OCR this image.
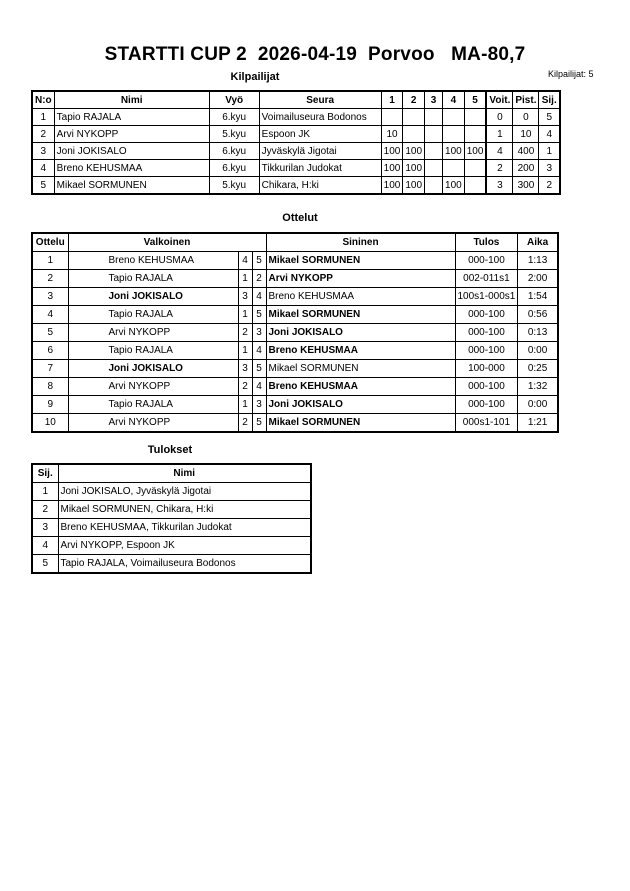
STARTTI CUP 2  2026-04-19  Porvoo   MA-80,7
Kilpailijat: 5
Kilpailijat
N:o	Nimi	Vyö	Seura	1	2	3	4	5	Voit.	Pist.	Sij.
1	Tapio RAJALA	6.kyu	Voimailuseura Bodonos						0	0	5
2	Arvi NYKOPP	5.kyu	Espoon JK	10					1	10	4
3	Joni JOKISALO	6.kyu	Jyväskylä Jigotai	100	100		100	100	4	400	1
4	Breno KEHUSMAA	6.kyu	Tikkurilan Judokat	100	100				2	200	3
5	Mikael SORMUNEN	5.kyu	Chikara, H:ki	100	100		100		3	300	2
Ottelut
Ottelu	Valkoinen			Sininen	Tulos	Aika
1	Breno KEHUSMAA	4	5	Mikael SORMUNEN	000-100	1:13
2	Tapio RAJALA	1	2	Arvi NYKOPP	002-011s1	2:00
3	Joni JOKISALO	3	4	Breno KEHUSMAA	100s1-000s1	1:54
4	Tapio RAJALA	1	5	Mikael SORMUNEN	000-100	0:56
5	Arvi NYKOPP	2	3	Joni JOKISALO	000-100	0:13
6	Tapio RAJALA	1	4	Breno KEHUSMAA	000-100	0:00
7	Joni JOKISALO	3	5	Mikael SORMUNEN	100-000	0:25
8	Arvi NYKOPP	2	4	Breno KEHUSMAA	000-100	1:32
9	Tapio RAJALA	1	3	Joni JOKISALO	000-100	0:00
10	Arvi NYKOPP	2	5	Mikael SORMUNEN	000s1-101	1:21
Tulokset
Sij.	Nimi
1	Joni JOKISALO, Jyväskylä Jigotai
2	Mikael SORMUNEN, Chikara, H:ki
3	Breno KEHUSMAA, Tikkurilan Judokat
4	Arvi NYKOPP, Espoon JK
5	Tapio RAJALA, Voimailuseura Bodonos
